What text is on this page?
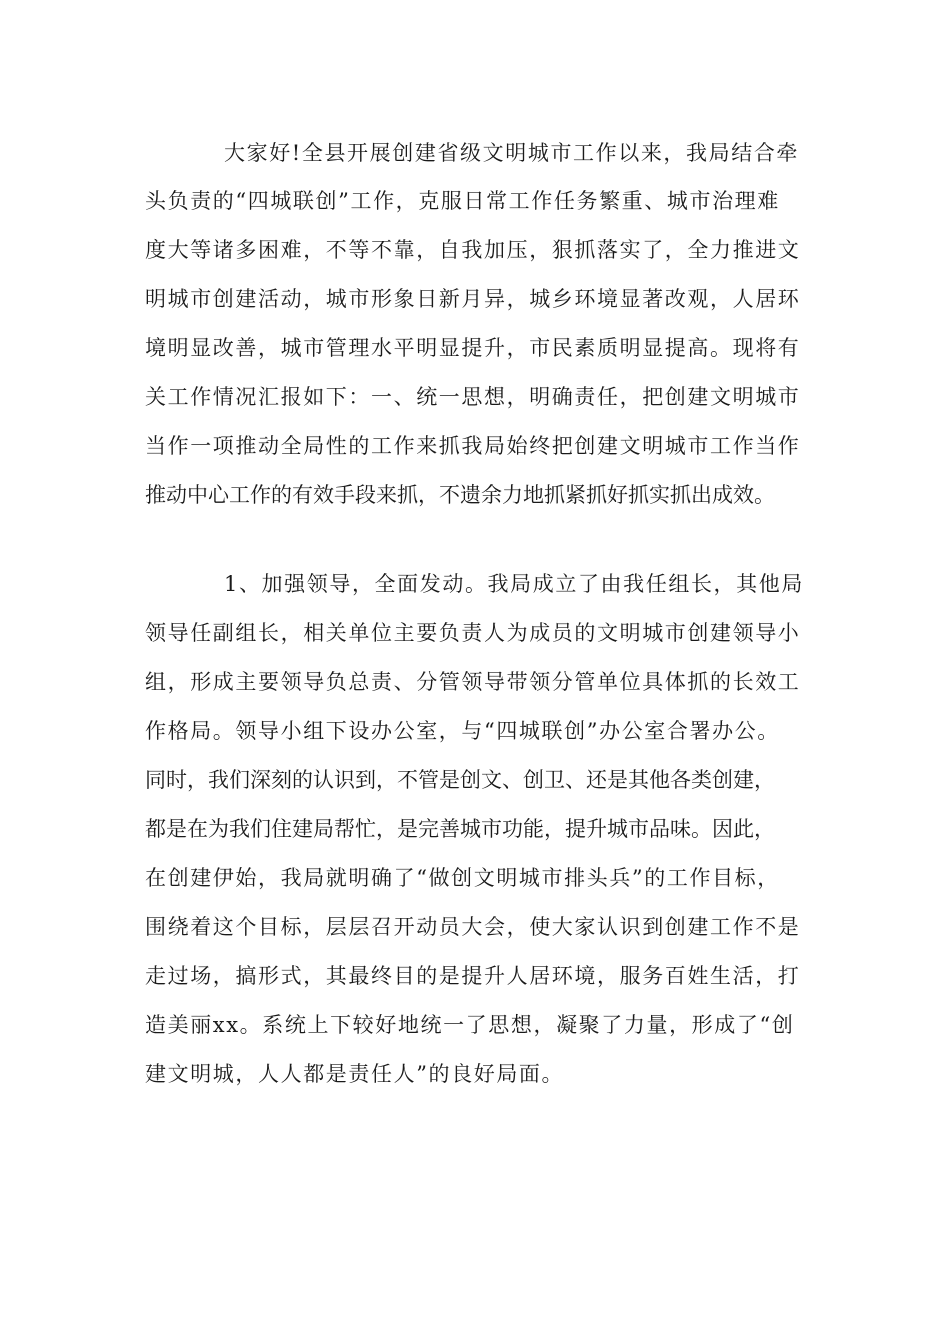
大家好!全县开展创建省级文明城市工作以来，我局结合牵
头负责的“四城联创”工作，克服日常工作任务繁重、城市治理难
度大等诸多困难，不等不靠，自我加压，狠抓落实了，全力推进文
明城市创建活动，城市形象日新月异，城乡环境显著改观，人居环
境明显改善，城市管理水平明显提升，市民素质明显提高。现将有
关工作情况汇报如下：一、统一思想，明确责任，把创建文明城市
当作一项推动全局性的工作来抓我局始终把创建文明城市工作当作
推动中心工作的有效手段来抓，不遗余力地抓紧抓好抓实抓出成效。
1、加强领导，全面发动。我局成立了由我任组长，其他局
领导任副组长，相关单位主要负责人为成员的文明城市创建领导小
组，形成主要领导负总责、分管领导带领分管单位具体抓的长效工
作格局。领导小组下设办公室，与“四城联创”办公室合署办公。
同时，我们深刻的认识到，不管是创文、创卫、还是其他各类创建，
都是在为我们住建局帮忙，是完善城市功能，提升城市品味。因此，
在创建伊始，我局就明确了“做创文明城市排头兵”的工作目标，
围绕着这个目标，层层召开动员大会，使大家认识到创建工作不是
走过场，搞形式，其最终目的是提升人居环境，服务百姓生活，打
造美丽xx。系统上下较好地统一了思想，凝聚了力量，形成了“创
建文明城，人人都是责任人”的良好局面。
